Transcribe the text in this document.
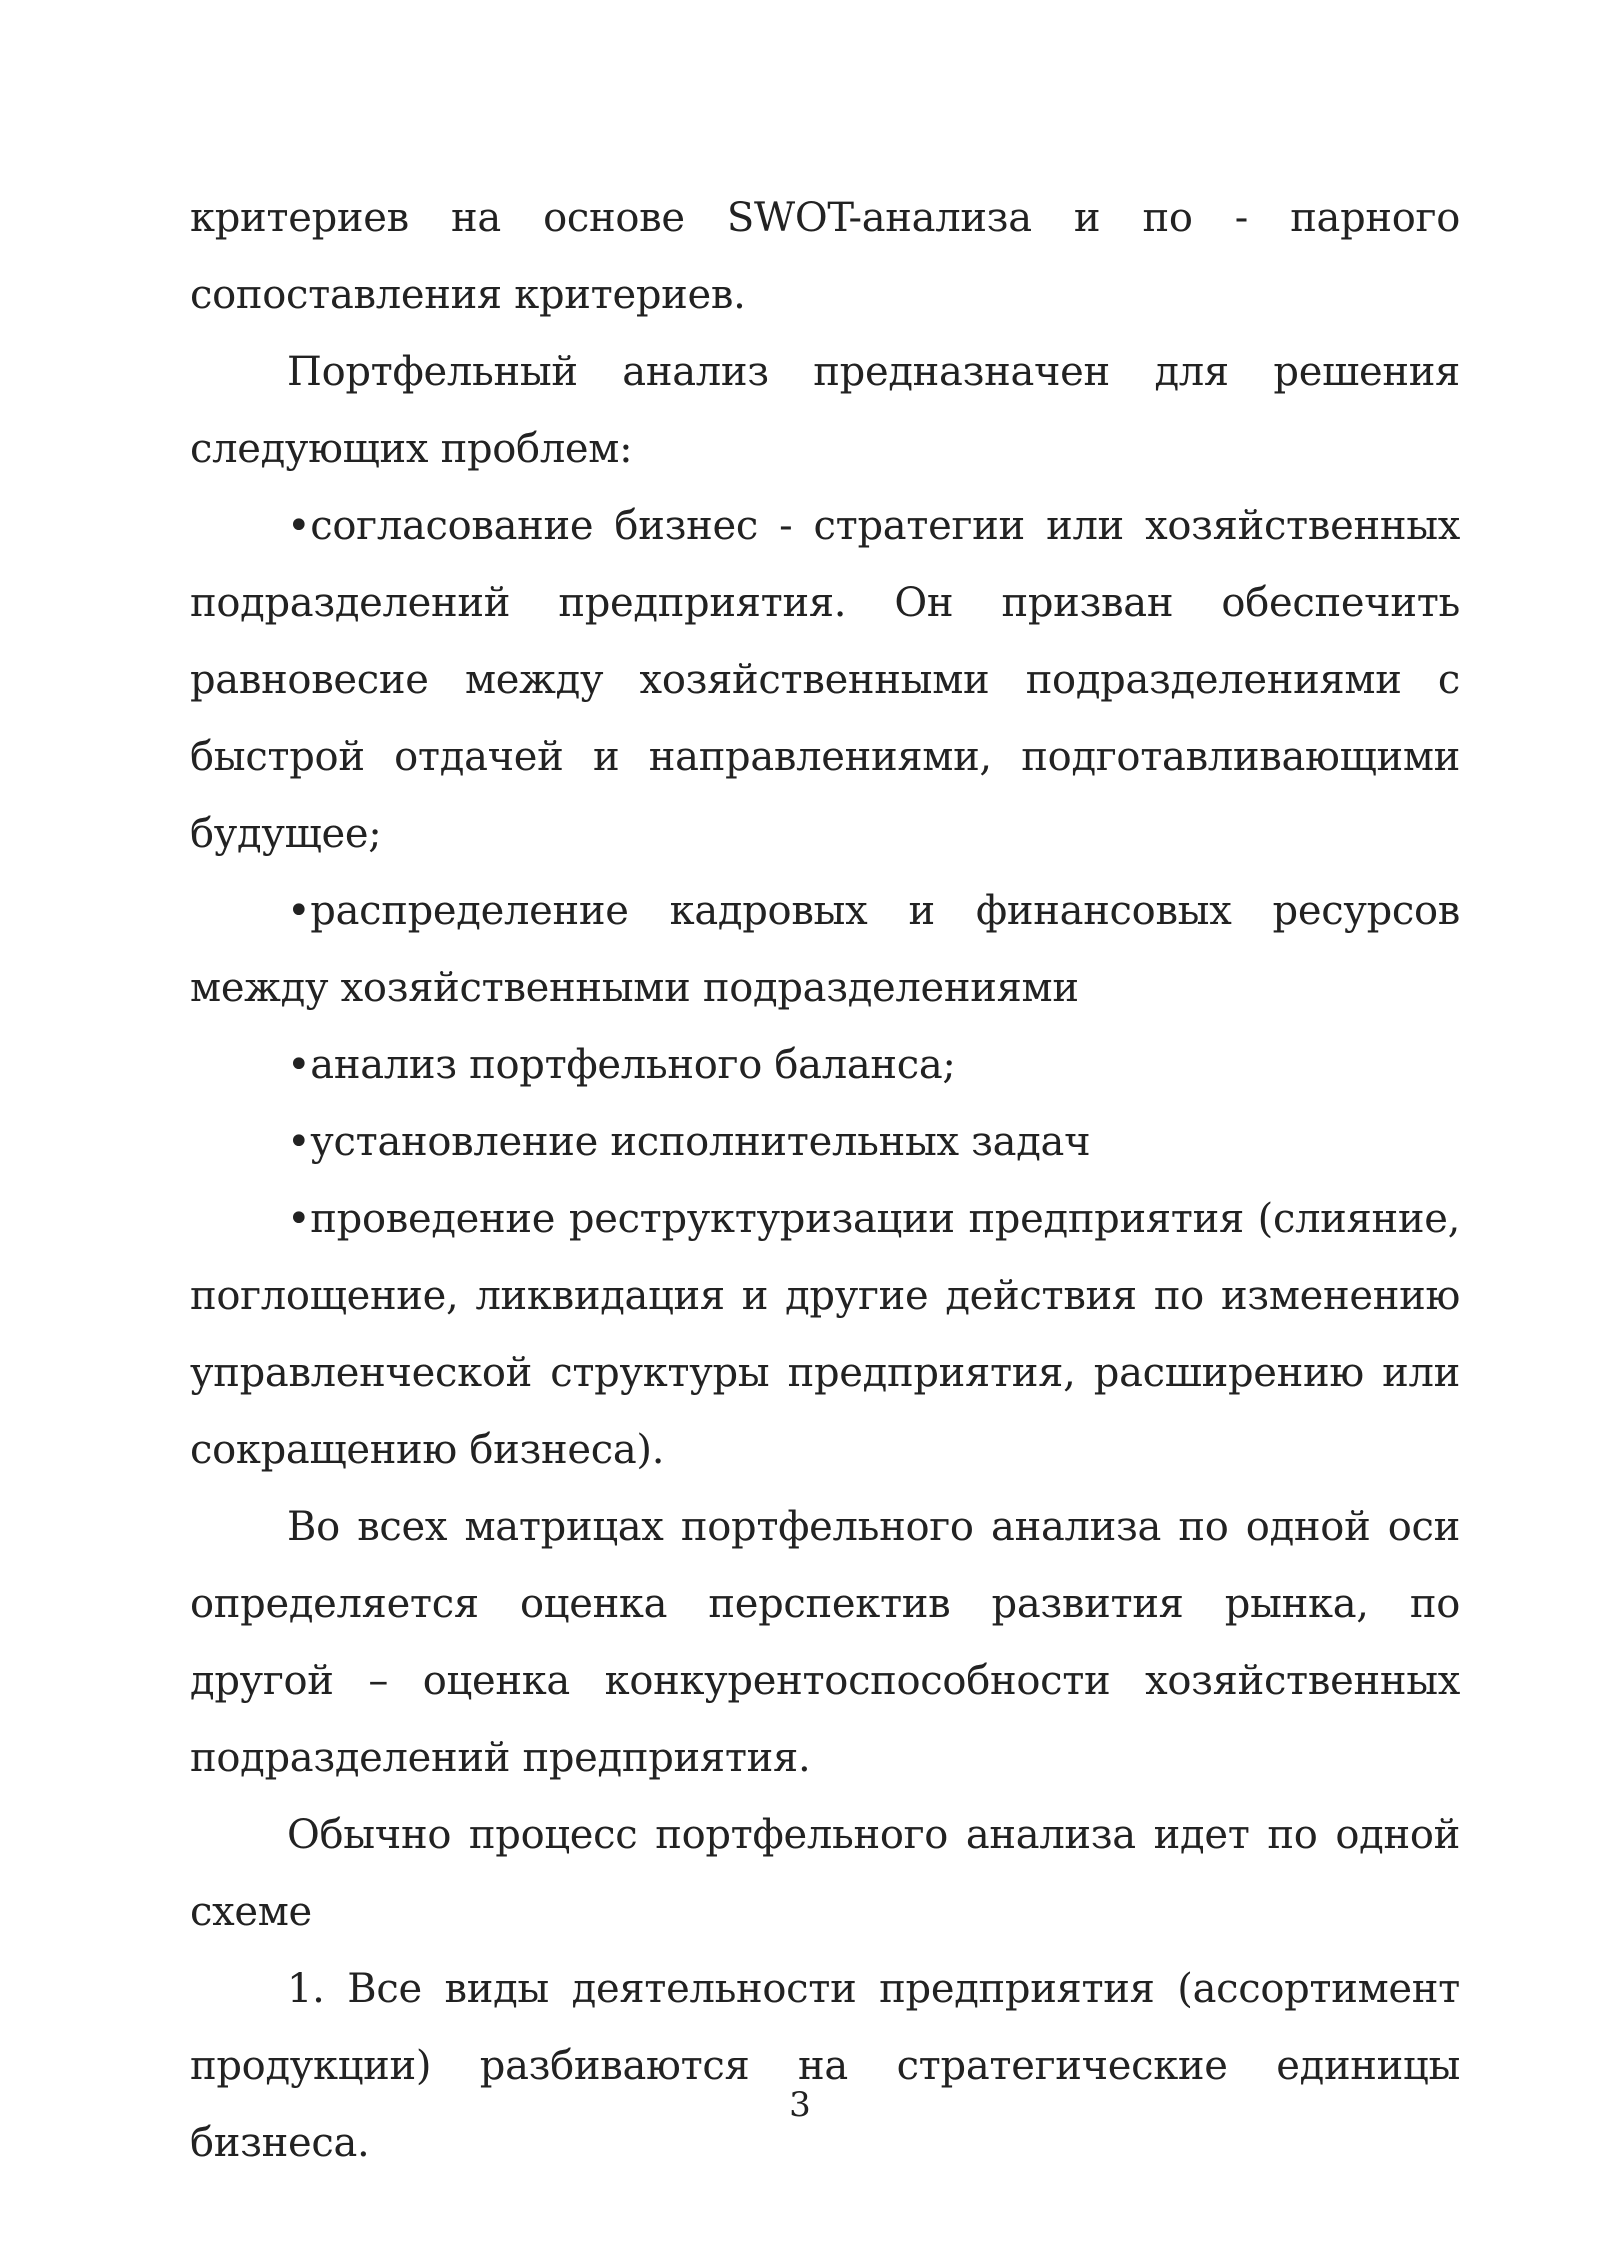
критериев на основе SWOT-анализа и по - парного сопоставления критериев.

Портфельный анализ предназначен для решения следующих проблем:

•согласование бизнес - стратегии или хозяйственных подразделений предприятия. Он призван обеспечить равновесие между хозяйственными подразделениями с быстрой отдачей и направлениями, подготавливающими будущее;

•распределение кадровых и финансовых ресурсов между хозяйственными подразделениями

•анализ портфельного баланса;

•установление исполнительных задач

•проведение реструктуризации предприятия (слияние, поглощение, ликвидация и другие действия по изменению управленческой структуры предприятия, расширению или сокращению бизнеса).

Во всех матрицах портфельного анализа по одной оси определяется оценка перспектив развития рынка, по другой – оценка конкурентоспособности хозяйственных подразделений предприятия.

Обычно процесс портфельного анализа идет по одной схеме

1. Все виды деятельности предприятия (ассортимент продукции) разбиваются на стратегические единицы бизнеса.

3
